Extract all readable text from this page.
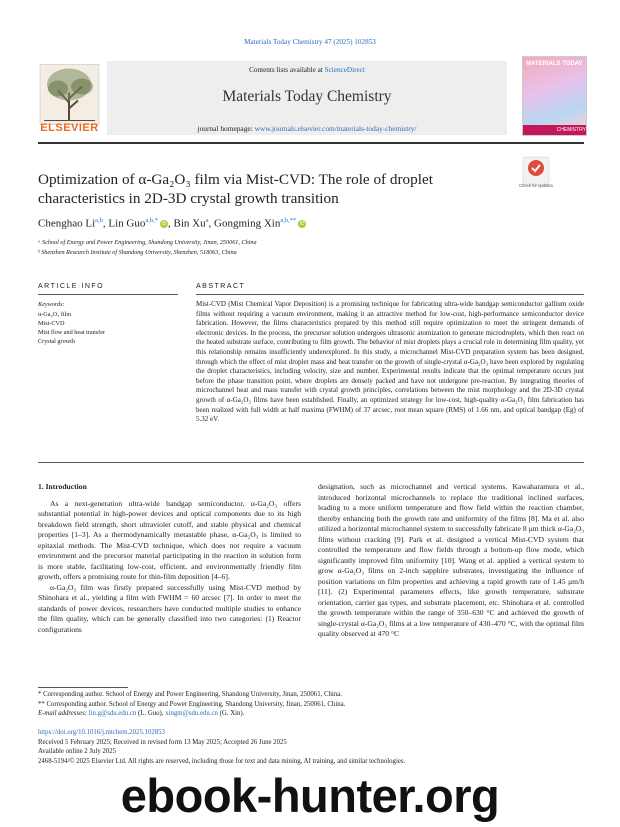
Materials Today Chemistry 47 (2025) 102853
ELSEVIER
Contents lists available at ScienceDirect
Materials Today Chemistry
journal homepage: www.journals.elsevier.com/materials-today-chemistry/
MATERIALS TODAY
CHEMISTRY
Optimization of α-Ga₂O₃ film via Mist-CVD: The role of droplet
characteristics in 2D-3D crystal growth transition
Check for updates
Chenghao Li$^{a,b}$, Lin Guo$^{a,b,*}$iD , Bin Xu$^a$, Gongming Xin$^{a,b,**}$iD
ᵃ School of Energy and Power Engineering, Shandong University, Jinan, 250061, China
ᵇ Shenzhen Research Institute of Shandong University, Shenzhen, 518063, China
ARTICLE INFO	ABSTRACT
Keywords:
α-Ga₂O₃ film
Mist-CVD
Mist flow and heat transfer
Crystal growth
Mist-CVD (Mist Chemical Vapor Deposition) is a promising technique for fabricating ultra-wide bandgap semiconductor gallium oxide films without requiring a vacuum environment, making it an attractive method for low-cost, high-performance semiconductor device fabrication. However, the films characteristics prepared by this method still require optimization to meet the stringent demands of electronic devices. In the process, the precursor solution undergoes ultrasonic atomization to generate microdroplets, which then react on the heated substrate surface, contributing to film growth. The behavior of mist droplets plays a crucial role in determining film quality, yet this relationship remains insufficiently underexplored. In this study, a microchannel Mist-CVD preparation system has been designed, through which the effect of mist droplet mass and heat transfer on the growth of single-crystal α-Ga₂O₃ have been explored by regulating the droplet characteristics, including velocity, size and number. Experimental results indicate that the optimal temperature occurs just before the phase transition point, where droplets are densely packed and have not undergone pre-reaction. By integrating theories of microchannel heat and mass transfer with crystal growth principles, correlations between the mist morphology and the 2D-3D crystal growth of α-Ga₂O₃ films have been established. Finally, an optimized strategy for low-cost, high-quality α-Ga₂O₃ film fabrication has been realized with full width at half maxima (FWHM) of 37 arcsec, root mean square (RMS) of 1.66 nm, and optical bandgap (Eg) of 5.32 eV.
1. Introduction
As a next-generation ultra-wide bandgap semiconductor, α-Ga₂O₃ offers substantial potential in high-power devices and optical components due to its high breakdown field strength, short ultraviolet cutoff, and stable physical and chemical properties [1–3]. As a thermodynamically metastable phase, α-Ga₂O₃ is limited to epitaxial methods. The Mist-CVD technique, which does not require a vacuum environment and the precursor material participating in the reaction in solution form is more stable, facilitating low-cost, efficient, and environmentally friendly film growth, offers a promising route for thin-film deposition [4–6].
α-Ga₂O₃ film was firstly prepared successfully using Mist-CVD method by Shinohara et al., yielding a film with FWHM = 60 arcsec [7]. In order to meet the standards of power devices, researchers have conducted multiple studies to enhance the film quality, which can be generally classified into two categories: (1) Reactor configurations
designation, such as microchannel and vertical systems. Kawaharamura et al., introduced horizontal microchannels to replace the traditional inclined surfaces, leading to a more uniform temperature and flow field within the reaction chamber, thereby enhancing both the growth rate and uniformity of the films [8]. Ma et al. also utilized a horizontal microchannel system to successfully fabricate 8 μm thick α-Ga₂O₃ films without cracking [9]. Park et al. designed a vertical Mist-CVD system that controlled the temperature and flow fields through a bottom-up flow mode, which significantly improved film uniformity [10]. Wang et al. applied a vertical system to grow α-Ga₂O₃ films on 2-inch sapphire substrates, investigating the influence of position variations on film properties and achieving a rapid growth rate of 1.45 μm/h [11]. (2) Experimental parameters effects, like growth temperature, substrate orientation, carrier gas types, and substrate placement, etc. Shinohara et al. controlled the growth temperature within the range of 350–630 °C and achieved the growth of single-crystal α-Ga₂O₃ films at a low temperature of 430–470 °C, with the optimal film quality observed at 470 °C
* Corresponding author. School of Energy and Power Engineering, Shandong University, Jinan, 250061, China.
** Corresponding author. School of Energy and Power Engineering, Shandong University, Jinan, 250061, China.
E-mail addresses: lin.g@sdu.edu.cn (L. Guo), xingm@sdu.edu.cn (G. Xin).
https://doi.org/10.1016/j.mtchem.2025.102853
Received 5 February 2025; Received in revised form 13 May 2025; Accepted 26 June 2025
Available online 2 July 2025
2468-5194/© 2025 Elsevier Ltd. All rights are reserved, including those for text and data mining, AI training, and similar technologies.
ebook-hunter.org
